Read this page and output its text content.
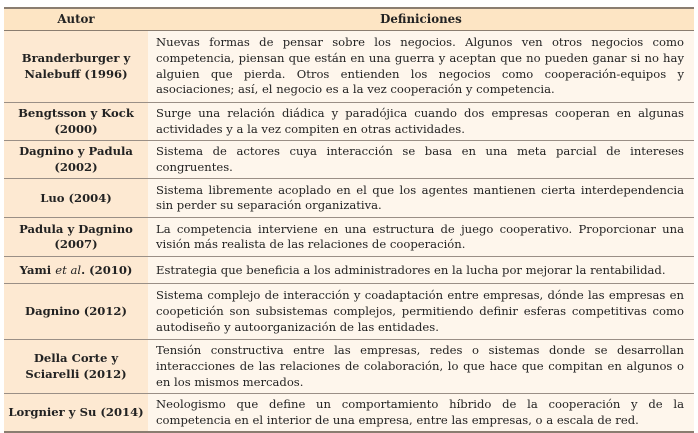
Autor	Definiciones
Branderburger y Nalebuff (1996)	Nuevas formas de pensar sobre los negocios. Algunos ven otros negocios como competencia, piensan que están en una guerra y aceptan que no pueden ganar si no hay alguien que pierda. Otros entienden los negocios como cooperación-equipos y asociaciones; así, el negocio es a la vez cooperación y competencia.
Bengtsson y Kock (2000)	Surge una relación diádica y paradójica cuando dos empresas cooperan en algunas actividades y a la vez compiten en otras actividades.
Dagnino y Padula (2002)	Sistema de actores cuya interacción se basa en una meta parcial de intereses congruentes.
Luo (2004)	Sistema libremente acoplado en el que los agentes mantienen cierta interdependencia sin perder su separación organizativa.
Padula y Dagnino (2007)	La competencia interviene en una estructura de juego cooperativo. Proporcionar una visión más realista de las relaciones de cooperación.
Yami et al. (2010)	Estrategia que beneficia a los administradores en la lucha por mejorar la rentabilidad.
Dagnino (2012)	Sistema complejo de interacción y coadaptación entre empresas, dónde las empresas en coopetición son subsistemas complejos, permitiendo definir esferas competitivas como autodiseño y autoorganización de las entidades.
Della Corte y Sciarelli (2012)	Tensión constructiva entre las empresas, redes o sistemas donde se desarrollan interacciones de las relaciones de colaboración, lo que hace que compitan en algunos o en los mismos mercados.
Lorgnier y Su (2014)	Neologismo que define un comportamiento híbrido de la cooperación y de la competencia en el interior de una empresa, entre las empresas, o a escala de red.
